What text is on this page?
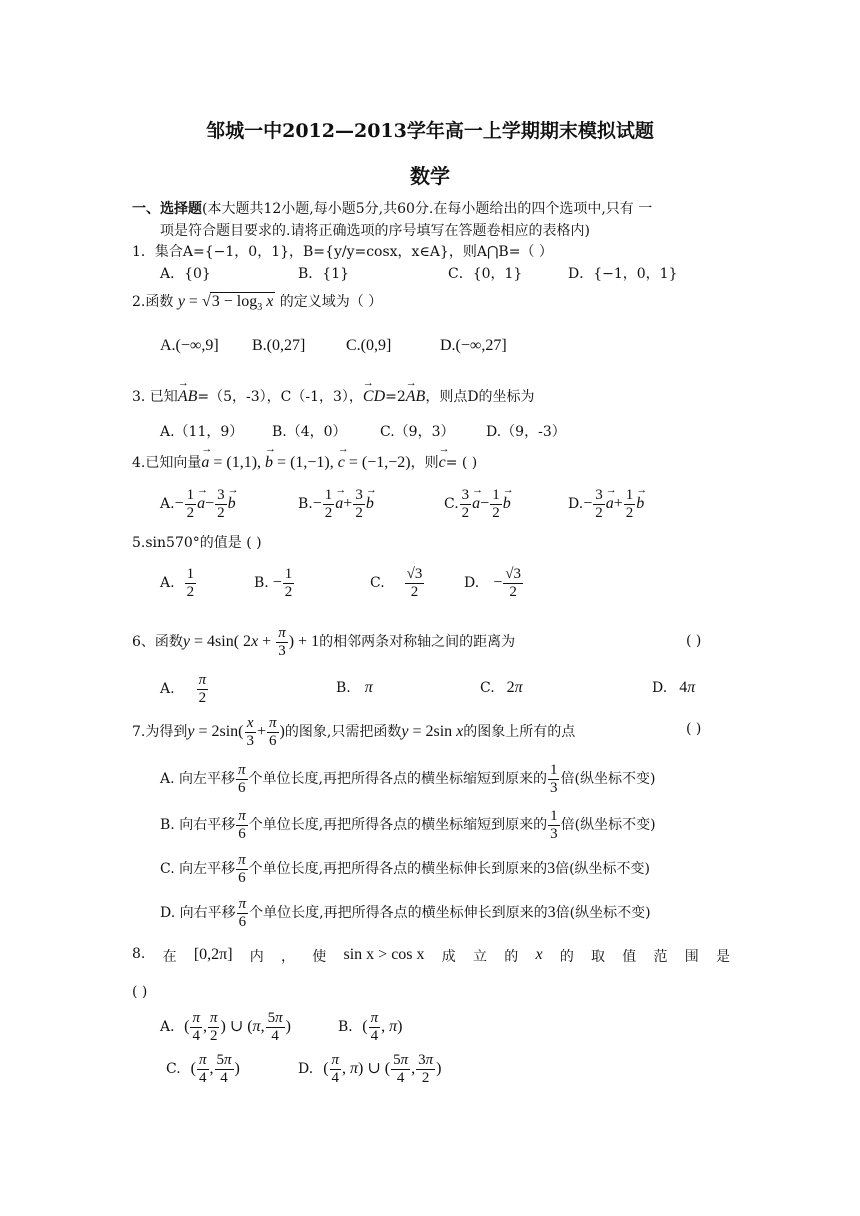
邹城一中2012—2013学年高一上学期期末模拟试题
数学
一、选择题(本大题共12小题,每小题5分,共60分.在每小题给出的四个选项中,只有 一
项是符合题目要求的.请将正确选项的序号填写在答题卷相应的表格内)
1．集合A={−1，0，1}，B={y/y=cosx，x∈A}，则A⋂B=（ ）
A．{0}	B．{1}	C．{0，1}	D．{−1，0，1}
2.函数 $y = √3 - \log_3 x$ 的定义域为（ ）
A.(−∞,9] B.(0,27]	C.(0,9]	D.(−∞,27]
3. 已知→ AB=（5，-3），C（-1，3），→ CD=2→ AB，则点D的坐标为
A.（11，9） B.（4，0） C.（9，3） D.（9，-3）
4.已知向量→ a = (1,1), → b = (1,−1), → c = (−1,−2)，则→ c= ( )
$A.- \frac{1}{2}$
→ $a- \frac{3}{2}$
→ b	$B.- \frac{1}{2}$
→ $a+ \frac{3}{2}$
→ b	C. $\frac{3}{2}$
→ $a- \frac{1}{2}$
→ b	$D.- \frac{3}{2}$
→ $a+ \frac{1}{2}$
→ b
5.sin570°的值是 ( )
A. $\frac{1}{2}$	B. − $\frac{1}{2}$	C. $\frac{√3}{2}$	D. − $\frac{√3}{2}$
6、函数y = 4sin( $2x + \frac{\pi}{3}$ ) + 1的相邻两条对称轴之间的距离为	( )
A. $\frac{\pi}{2}$	B. π	C. 2π	D. 4π
7.为得到$y = 2\sin( \frac{x}{3} + \frac{\pi}{6}$ )的图象,只需把函数y = 2sin x的图象上所有的点	( )
A. 向左平移 $\frac{\pi}{6}$ 个单位长度,再把所得各点的横坐标缩短到原来的 $\frac{1}{3}$ 倍(纵坐标不变)
B. 向右平移 $\frac{\pi}{6}$ 个单位长度,再把所得各点的横坐标缩短到原来的 $\frac{1}{3}$ 倍(纵坐标不变)
C. 向左平移 $\frac{\pi}{6}$ 个单位长度,再把所得各点的横坐标伸长到原来的3倍(纵坐标不变)
D. 向右平移 $\frac{\pi}{6}$ 个单位长度,再把所得各点的横坐标伸长到原来的3倍(纵坐标不变)
8. 在 [0,2π] 内 ， 使 sin x > cos x 成 立 的 x 的 取 值 范 围 是
( )
A．( $\frac{\pi}{4}$ , $\frac{\pi}{2}$ ) ∪ (π, $\frac{5\pi}{4}$ )	B．( $\frac{\pi}{4}$ , π)
C. ( $\frac{\pi}{4}$ , $\frac{5\pi}{4}$ )	D. ( $\frac{\pi}{4}$ , π) ∪ ( $\frac{5\pi}{4}$ , $\frac{3\pi}{2}$ )
